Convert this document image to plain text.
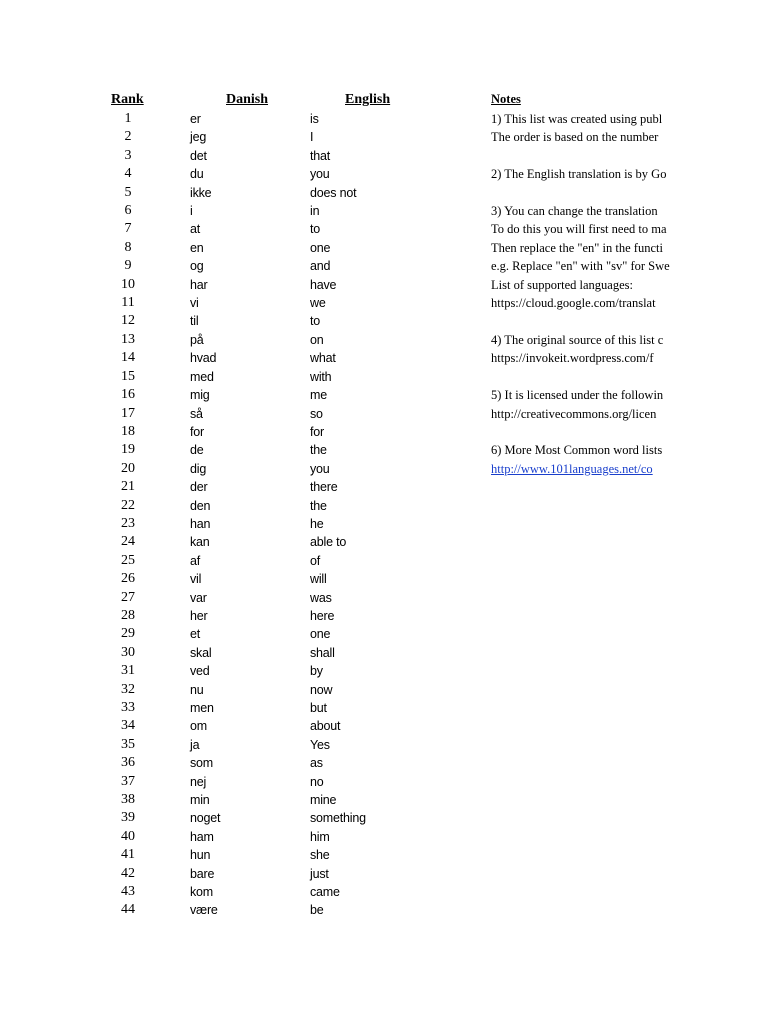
Rank	Danish	English	Notes
1	er	is
2	jeg	I
3	det	that
4	du	you
5	ikke	does not
6	i	in
7	at	to
8	en	one
9	og	and
10	har	have
11	vi	we
12	til	to
13	på	on
14	hvad	what
15	med	with
16	mig	me
17	så	so
18	for	for
19	de	the
20	dig	you
21	der	there
22	den	the
23	han	he
24	kan	able to
25	af	of
26	vil	will
27	var	was
28	her	here
29	et	one
30	skal	shall
31	ved	by
32	nu	now
33	men	but
34	om	about
35	ja	Yes
36	som	as
37	nej	no
38	min	mine
39	noget	something
40	ham	him
41	hun	she
42	bare	just
43	kom	came
44	være	be
1) This list was created using publ
The order is based on the number
2) The English translation is by Go
3) You can change the translation
To do this you will first need to ma
Then replace the "en" in the functi
e.g. Replace "en" with "sv" for Swe
List of supported languages:
https://cloud.google.com/translat
4) The original source of this list c
https://invokeit.wordpress.com/f
5) It is licensed under the followin
http://creativecommons.org/licen
6) More Most Common word lists
http://www.101languages.net/co
